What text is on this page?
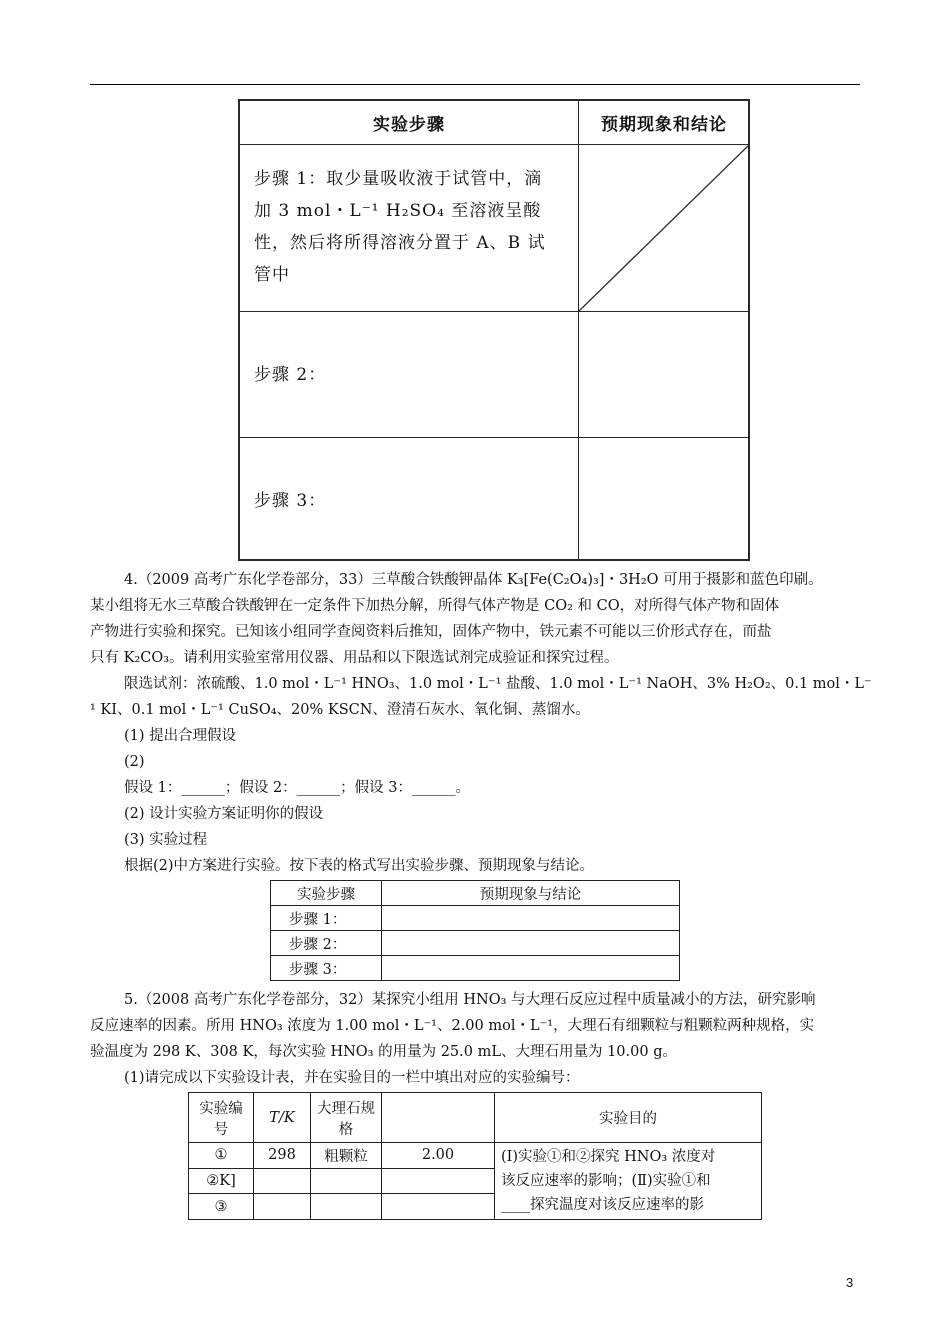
实验步骤	预期现象和结论
步骤 1：取少量吸收液于试管中，滴
加 3 mol・L⁻¹ H₂SO₄ 至溶液呈酸
性，然后将所得溶液分置于 A、B 试
管中
步骤 2：
步骤 3：
4.（2009 高考广东化学卷部分，33）三草酸合铁酸钾晶体 K₃[Fe(C₂O₄)₃]・3H₂O 可用于摄影和蓝色印刷。
某小组将无水三草酸合铁酸钾在一定条件下加热分解，所得气体产物是 CO₂ 和 CO，对所得气体产物和固体
产物进行实验和探究。已知该小组同学查阅资料后推知，固体产物中，铁元素不可能以三价形式存在，而盐
只有 K₂CO₃。请利用实验室常用仪器、用品和以下限选试剂完成验证和探究过程。
限选试剂：浓硫酸、1.0 mol・L⁻¹ HNO₃、1.0 mol・L⁻¹ 盐酸、1.0 mol・L⁻¹ NaOH、3% H₂O₂、0.1 mol・L⁻
¹ KI、0.1 mol・L⁻¹ CuSO₄、20% KSCN、澄清石灰水、氧化铜、蒸馏水。
(1) 提出合理假设
(2)
假设 1：______；假设 2：______；假设 3：______。
(2) 设计实验方案证明你的假设
(3) 实验过程
根据(2)中方案进行实验。按下表的格式写出实验步骤、预期现象与结论。
实验步骤	预期现象与结论
步骤 1：	
步骤 2：	
步骤 3：	
5.（2008 高考广东化学卷部分，32）某探究小组用 HNO₃ 与大理石反应过程中质量减小的方法，研究影响
反应速率的因素。所用 HNO₃ 浓度为 1.00 mol・L⁻¹、2.00 mol・L⁻¹，大理石有细颗粒与粗颗粒两种规格，实
验温度为 298 K、308 K，每次实验 HNO₃ 的用量为 25.0 mL、大理石用量为 10.00 g。
(1)请完成以下实验设计表，并在实验目的一栏中填出对应的实验编号：
实验编号	T/K	大理石规格		实验目的
①	298	粗颗粒	2.00	(Ⅰ)实验①和②探究 HNO₃ 浓度对
该反应速率的影响；(Ⅱ)实验①和
____探究温度对该反应速率的影

②K]				
③				
3
